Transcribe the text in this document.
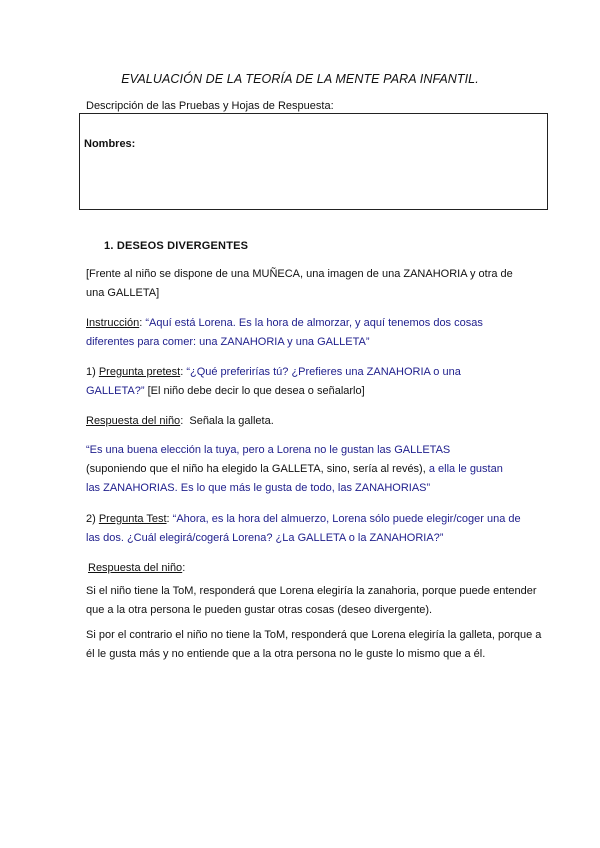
EVALUACIÓN DE LA TEORÍA DE LA MENTE PARA INFANTIL.
Descripción de las Pruebas y Hojas de Respuesta:
Nombres:
1. DESEOS DIVERGENTES
[Frente al niño se dispone de una MUÑECA, una imagen de una ZANAHORIA y otra de una GALLETA]
Instrucción: “Aquí está Lorena. Es la hora de almorzar, y aquí tenemos dos cosas diferentes para comer: una ZANAHORIA y una GALLETA”
1) Pregunta pretest: “¿Qué preferirías tú? ¿Prefieres una ZANAHORIA o una GALLETA?” [El niño debe decir lo que desea o señalarlo]
Respuesta del niño:  Señala la galleta.
“Es una buena elección la tuya, pero a Lorena no le gustan las GALLETAS
(suponiendo que el niño ha elegido la GALLETA, sino, sería al revés), a ella le gustan las ZANAHORIAS. Es lo que más le gusta de todo, las ZANAHORIAS”
2) Pregunta Test: “Ahora, es la hora del almuerzo, Lorena sólo puede elegir/coger una de las dos. ¿Cuál elegirá/cogerá Lorena? ¿La GALLETA o la ZANAHORIA?”
Respuesta del niño:
Si el niño tiene la ToM, responderá que Lorena elegiría la zanahoria, porque puede entender que a la otra persona le pueden gustar otras cosas (deseo divergente).
Si por el contrario el niño no tiene la ToM, responderá que Lorena elegiría la galleta, porque a él le gusta más y no entiende que a la otra persona no le guste lo mismo que a él.
